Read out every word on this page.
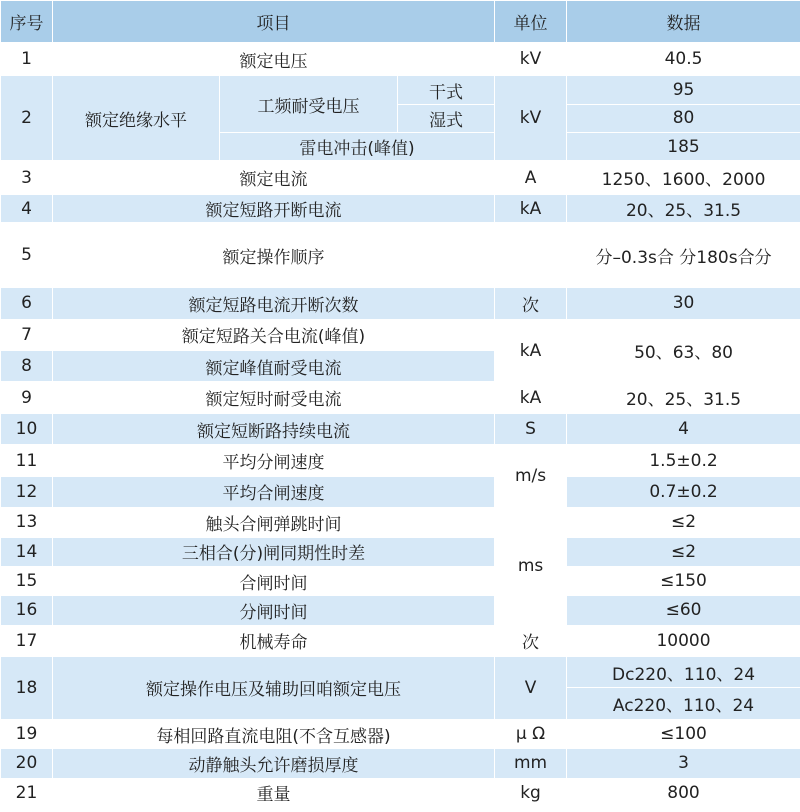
序号	项目			单位	数据
1	额定电压			kV	40.5
2	额定绝缘水平	工频耐受电压	干式	kV	95
			湿式		80
		雷电冲击(峰值)			185
3	额定电流			A	1250、1600、2000
4	额定短路开断电流			kA	20、25、31.5
5	额定操作顺序				分–0.3s合 分180s合分
6	额定短路电流开断次数			次	30
7	额定短路关合电流(峰值)			kA	50、63、80
8	额定峰值耐受电流				
9	额定短时耐受电流			kA	20、25、31.5
10	额定短断路持续电流			S	4
11	平均分闸速度			m/s	1.5±0.2
12	平均合闸速度				0.7±0.2
13	触头合闸弹跳时间			ms	≤2
14	三相合(分)闸同期性时差				≤2
15	合闸时间				≤150
16	分闸时间				≤60
17	机械寿命			次	10000
18	额定操作电压及辅助回咱额定电压			V	Dc220、110、24
					Ac220、110、24
19	每相回路直流电阻(不含互感器)			μ Ω	≤100
20	动静触头允许磨损厚度			mm	3
21	重量			kg	800
